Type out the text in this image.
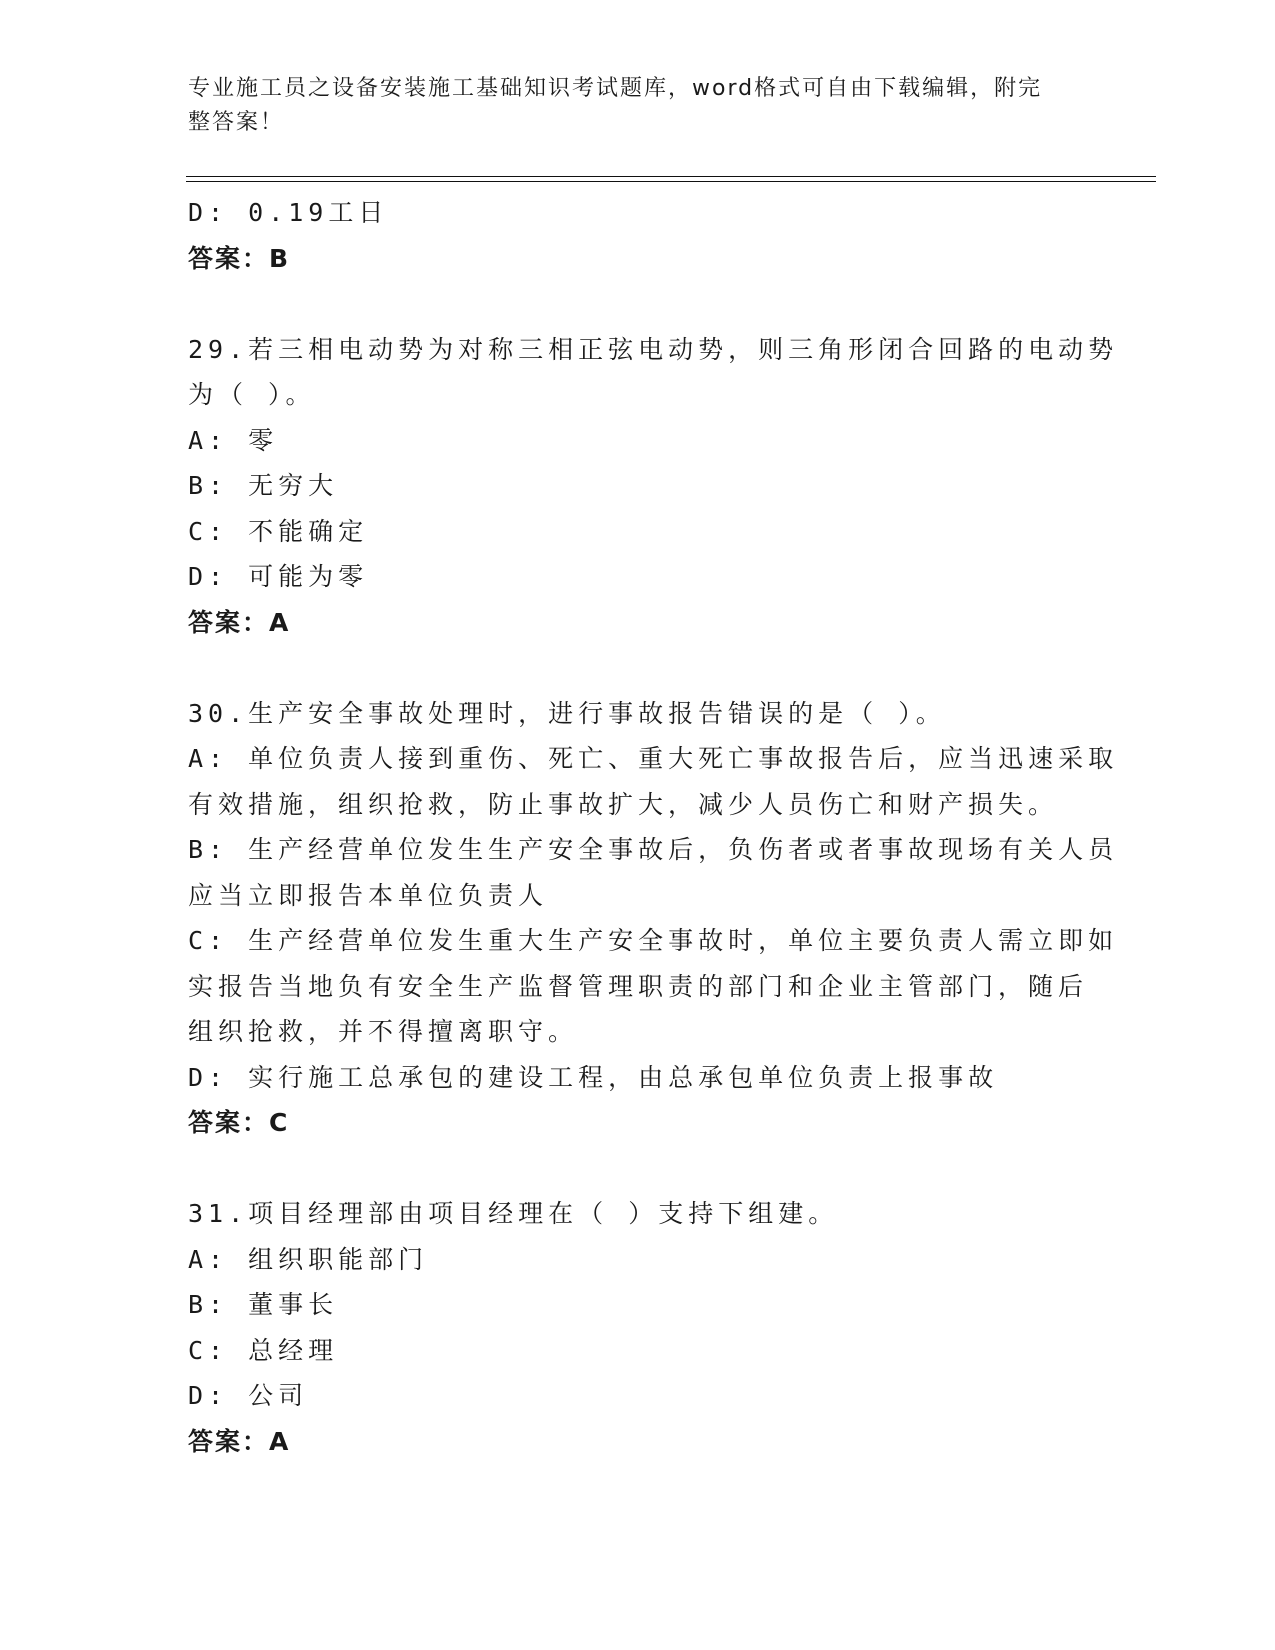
专业施工员之设备安装施工基础知识考试题库，word格式可自由下载编辑，附完
整答案！
D: 0.19工日
答案：B
29.若三相电动势为对称三相正弦电动势，则三角形闭合回路的电动势
为（ ）。
A: 零
B: 无穷大
C: 不能确定
D: 可能为零
答案：A
30.生产安全事故处理时，进行事故报告错误的是（ ）。
A: 单位负责人接到重伤、死亡、重大死亡事故报告后，应当迅速采取
有效措施，组织抢救，防止事故扩大，减少人员伤亡和财产损失。
B: 生产经营单位发生生产安全事故后，负伤者或者事故现场有关人员
应当立即报告本单位负责人
C: 生产经营单位发生重大生产安全事故时，单位主要负责人需立即如
实报告当地负有安全生产监督管理职责的部门和企业主管部门，随后
组织抢救，并不得擅离职守。
D: 实行施工总承包的建设工程，由总承包单位负责上报事故
答案：C
31.项目经理部由项目经理在（ ）支持下组建。
A: 组织职能部门
B: 董事长
C: 总经理
D: 公司
答案：A
